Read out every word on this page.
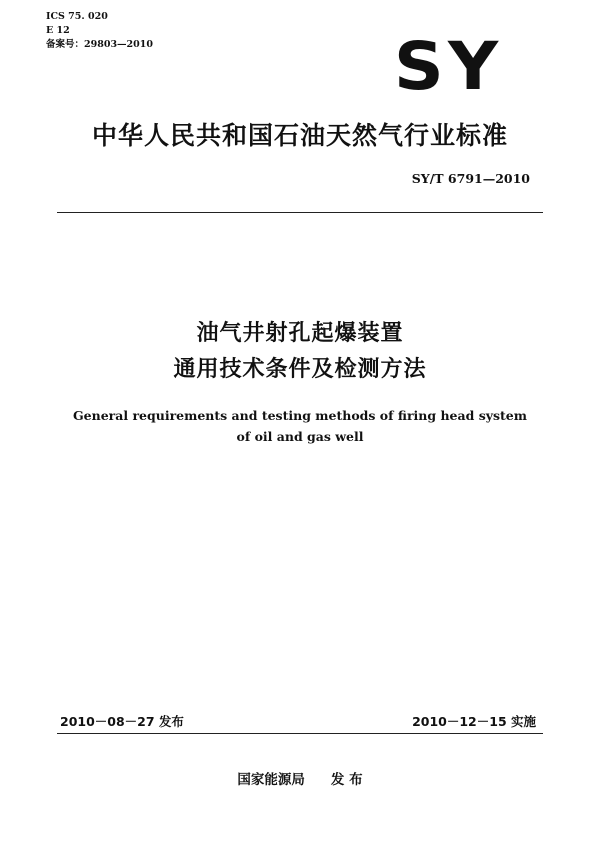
ICS 75. 020
E 12
备案号：29803—2010	SY
中华人民共和国石油天然气行业标准
SY/T 6791—2010
油气井射孔起爆装置
通用技术条件及检测方法
General requirements and testing methods of firing head system
of oil and gas well
2010－08－27 发布	2010－12－15 实施
国家能源局 发 布
